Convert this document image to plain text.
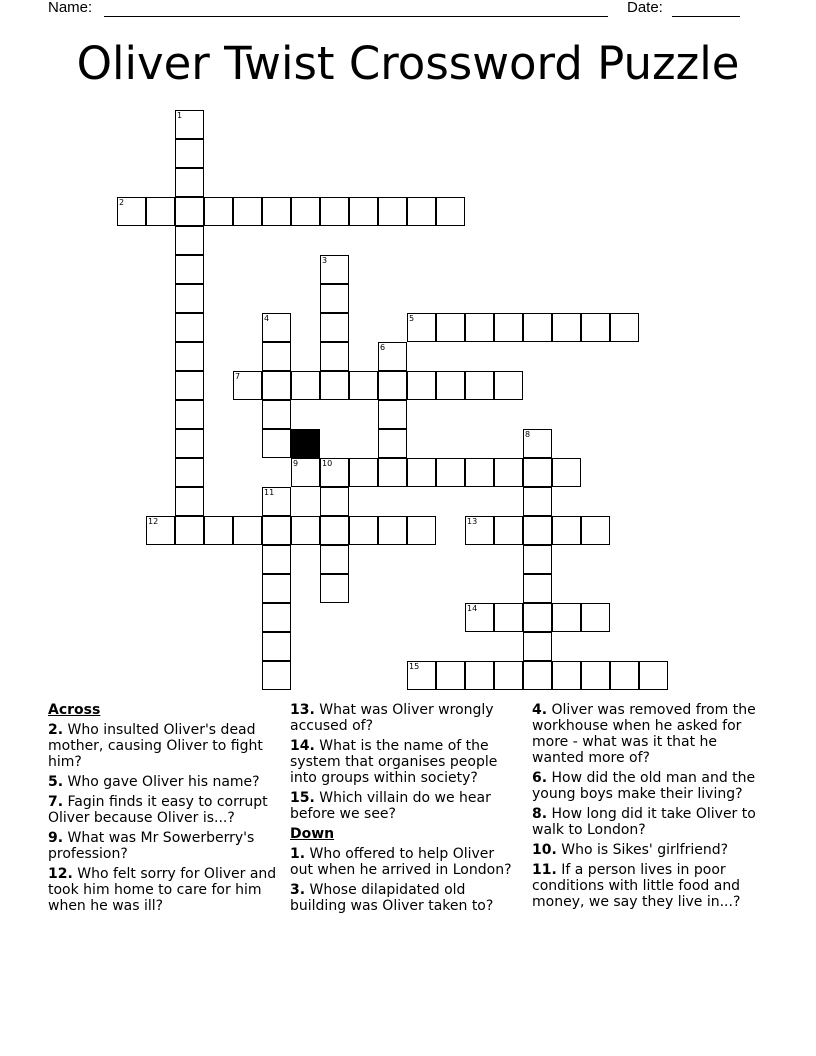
Name:	Date:
Oliver Twist Crossword Puzzle
1
2
3
4	5
6
7
8
9	10
11
12	13
14
15
Across
2. Who insulted Oliver's dead mother, causing Oliver to fight him?
5. Who gave Oliver his name?
7. Fagin finds it easy to corrupt Oliver because Oliver is...?
9. What was Mr Sowerberry's profession?
12. Who felt sorry for Oliver and took him home to care for him when he was ill?
13. What was Oliver wrongly accused of?
14. What is the name of the system that organises people into groups within society?
15. Which villain do we hear before we see?
Down
1. Who offered to help Oliver out when he arrived in London?
3. Whose dilapidated old building was Oliver taken to?
4. Oliver was removed from the workhouse when he asked for more - what was it that he wanted more of?
6. How did the old man and the young boys make their living?
8. How long did it take Oliver to walk to London?
10. Who is Sikes' girlfriend?
11. If a person lives in poor conditions with little food and money, we say they live in...?
